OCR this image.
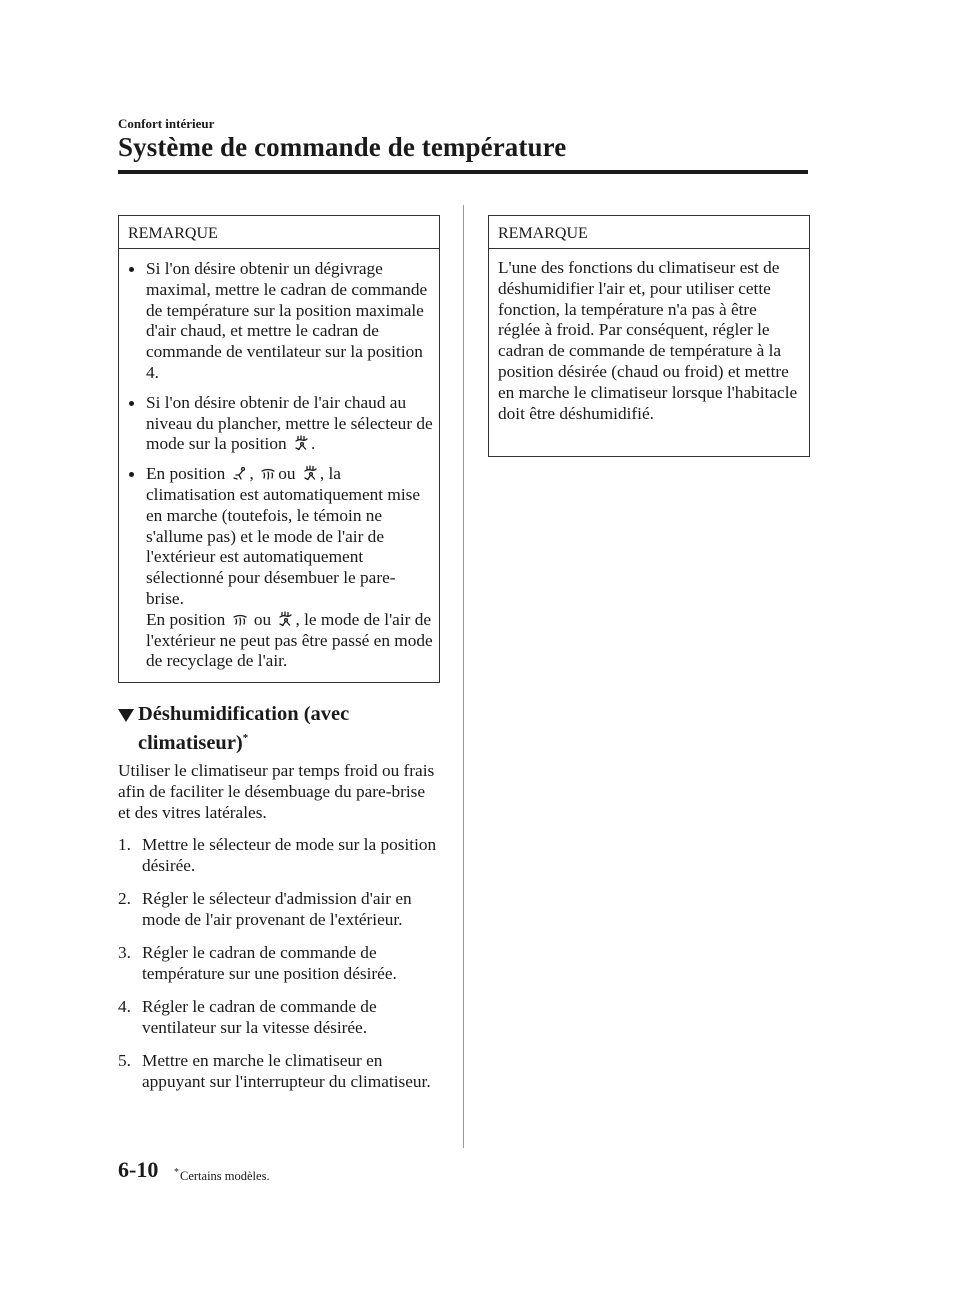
Confort intérieur
Système de commande de température
REMARQUE

Si l'on désire obtenir un dégivrage maximal, mettre le cadran de commande de température sur la position maximale d'air chaud, et mettre le cadran de commande de ventilateur sur la position 4.

Si l'on désire obtenir de l'air chaud au niveau du plancher, mettre le sélecteur de mode sur la position .

En position , ou , la climatisation est automatiquement mise en marche (toutefois, le témoin ne s'allume pas) et le mode de l'air de l'extérieur est automatiquement sélectionné pour désembuer le pare-brise.
En position ou , le mode de l'air de l'extérieur ne peut pas être passé en mode de recyclage de l'air.

Déshumidification (avec
climatiseur)*

Utiliser le climatiseur par temps froid ou frais afin de faciliter le désembuage du pare-brise et des vitres latérales.

1. Mettre le sélecteur de mode sur la position désirée.
2. Régler le sélecteur d'admission d'air en mode de l'air provenant de l'extérieur.
3. Régler le cadran de commande de température sur une position désirée.
4. Régler le cadran de commande de ventilateur sur la vitesse désirée.
5. Mettre en marche le climatiseur en appuyant sur l'interrupteur du climatiseur.
REMARQUE

L'une des fonctions du climatiseur est de déshumidifier l'air et, pour utiliser cette fonction, la température n'a pas à être réglée à froid. Par conséquent, régler le cadran de commande de température à la position désirée (chaud ou froid) et mettre en marche le climatiseur lorsque l'habitacle doit être déshumidifié.

6-10 *Certains modèles.
